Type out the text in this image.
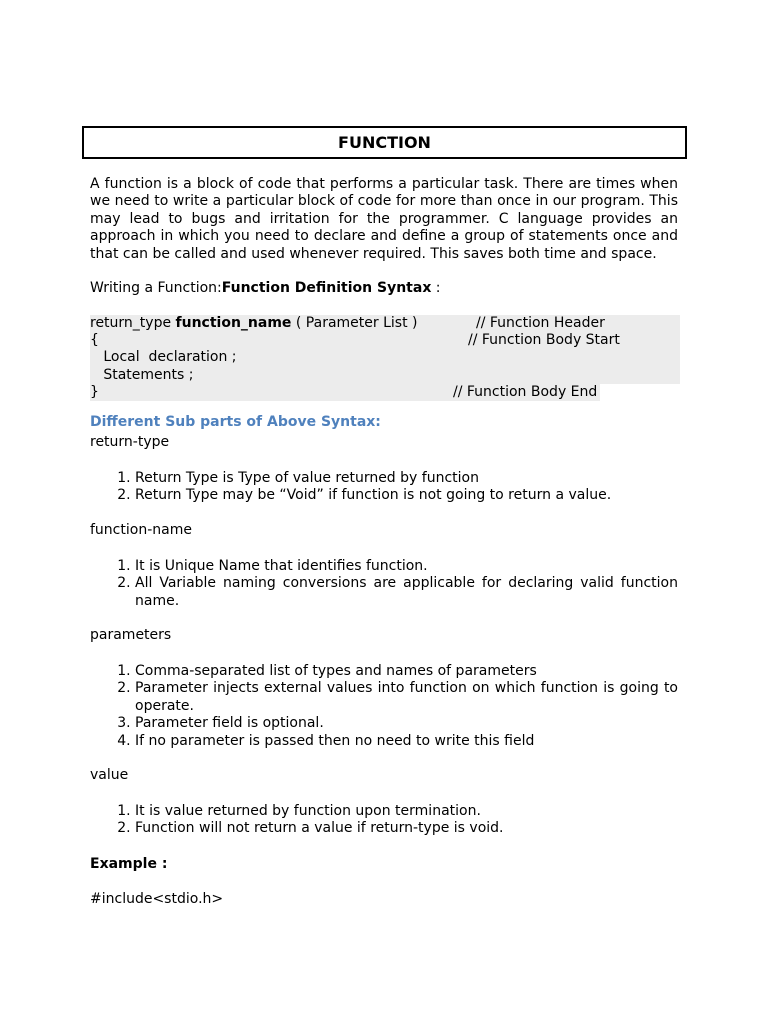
FUNCTION

A function is a block of code that performs a particular task. There are times when we need to write a particular block of code for more than once in our program. This may lead to bugs and irritation for the programmer. C language provides an approach in which you need to declare and define a group of statements once and that can be called and used whenever required. This saves both time and space.

Writing a Function:Function Definition Syntax :

return_type function_name ( Parameter List )	// Function Header
{	// Function Body Start
Local  declaration ;
Statements ;
}	// Function Body End

Different Sub parts of Above Syntax:

return-type

1. Return Type is Type of value returned by function
2. Return Type may be “Void” if function is not going to return a value.

function-name

1. It is Unique Name that identifies function.
2. All Variable naming conversions are applicable for declaring valid function name.

parameters

1. Comma-separated list of types and names of parameters
2. Parameter injects external values into function on which function is going to operate.
3. Parameter field is optional.
4. If no parameter is passed then no need to write this field

value

1. It is value returned by function upon termination.
2. Function will not return a value if return-type is void.

Example :

#include<stdio.h>
